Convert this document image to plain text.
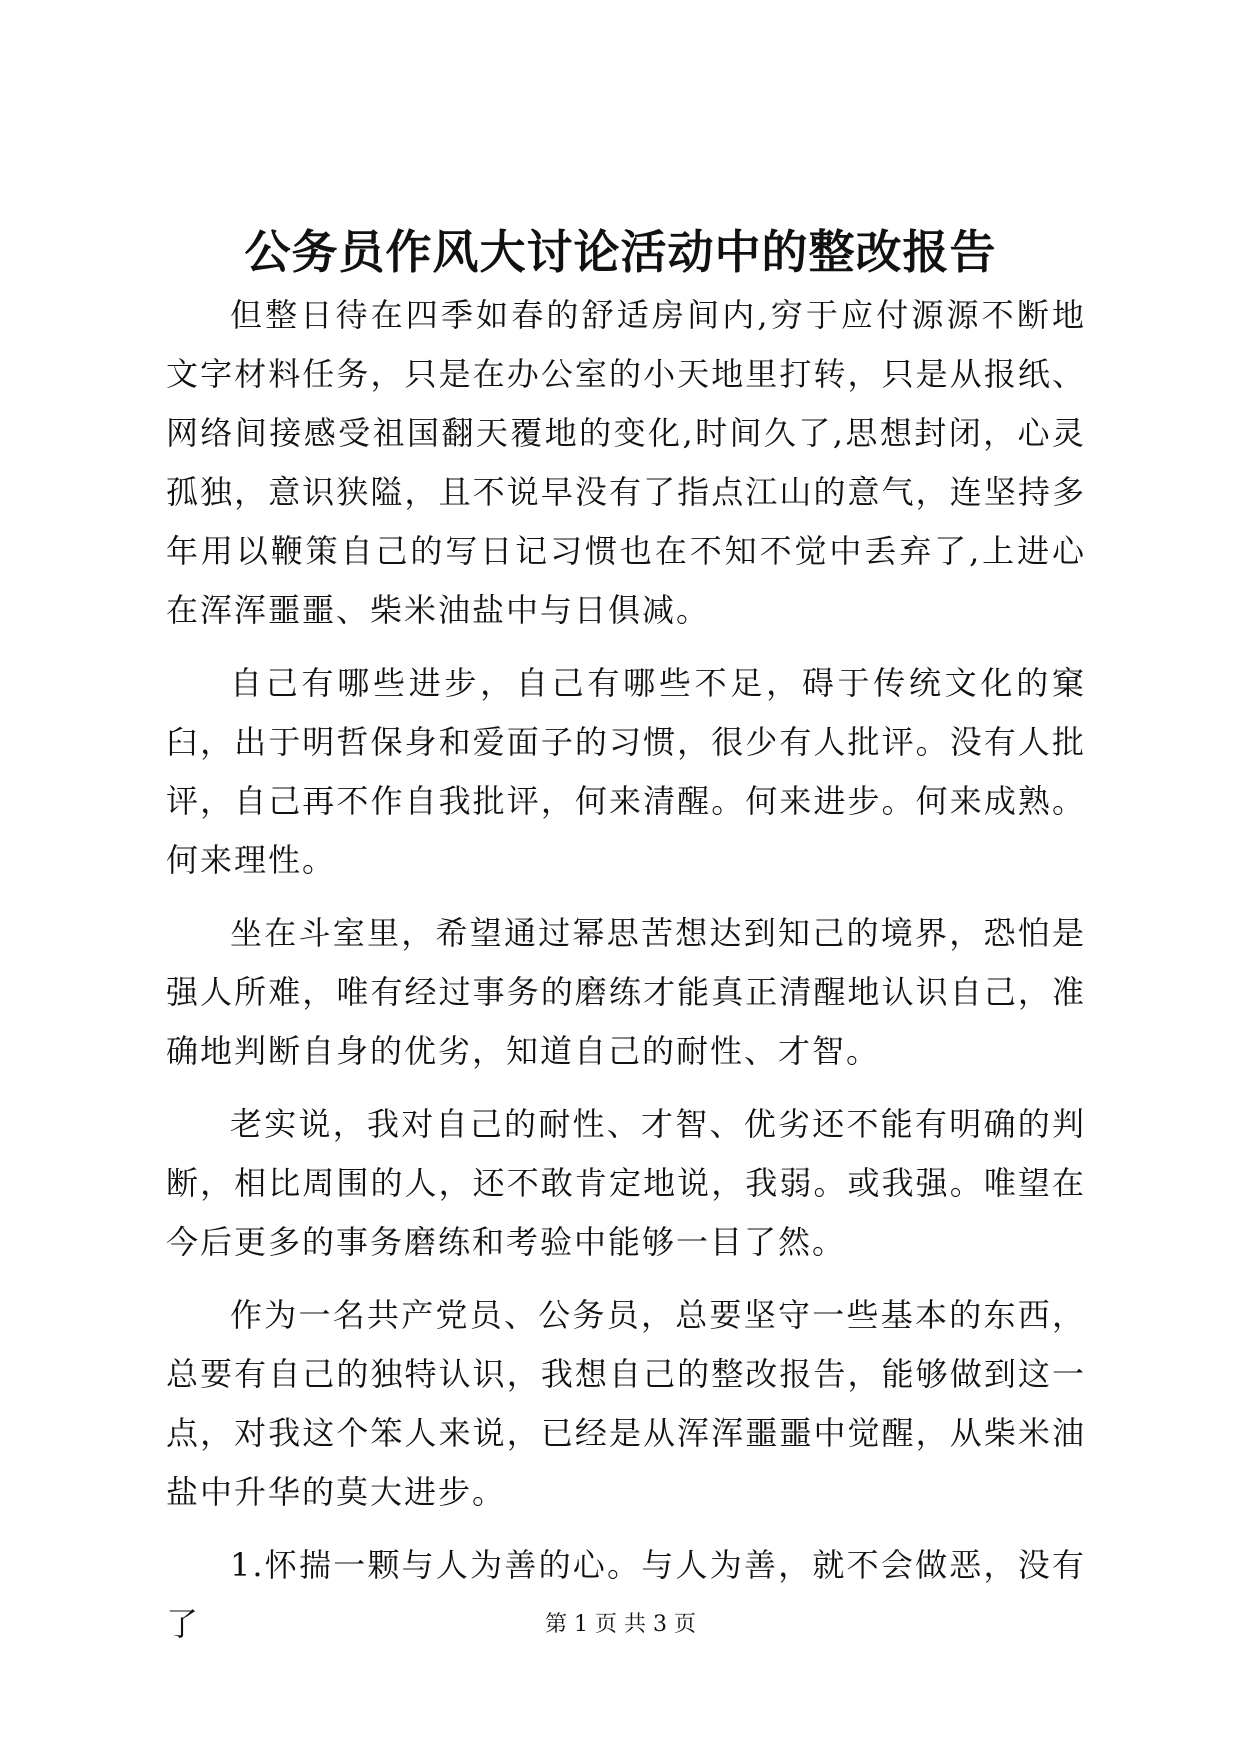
公务员作风大讨论活动中的整改报告

但整日待在四季如春的舒适房间内,穷于应付源源不断地文字材料任务，只是在办公室的小天地里打转，只是从报纸、网络间接感受祖国翻天覆地的变化,时间久了,思想封闭，心灵孤独，意识狭隘，且不说早没有了指点江山的意气，连坚持多年用以鞭策自己的写日记习惯也在不知不觉中丢弃了,上进心在浑浑噩噩、柴米油盐中与日俱减。

自己有哪些进步，自己有哪些不足，碍于传统文化的窠臼，出于明哲保身和爱面子的习惯，很少有人批评。没有人批评，自己再不作自我批评，何来清醒。何来进步。何来成熟。何来理性。

坐在斗室里，希望通过幂思苦想达到知己的境界，恐怕是强人所难，唯有经过事务的磨练才能真正清醒地认识自己，准确地判断自身的优劣，知道自己的耐性、才智。

老实说，我对自己的耐性、才智、优劣还不能有明确的判断，相比周围的人，还不敢肯定地说，我弱。或我强。唯望在今后更多的事务磨练和考验中能够一目了然。

作为一名共产党员、公务员，总要坚守一些基本的东西，总要有自己的独特认识，我想自己的整改报告，能够做到这一点，对我这个笨人来说，已经是从浑浑噩噩中觉醒，从柴米油盐中升华的莫大进步。

1.怀揣一颗与人为善的心。与人为善，就不会做恶，没有了	第 1 页 共 3 页
